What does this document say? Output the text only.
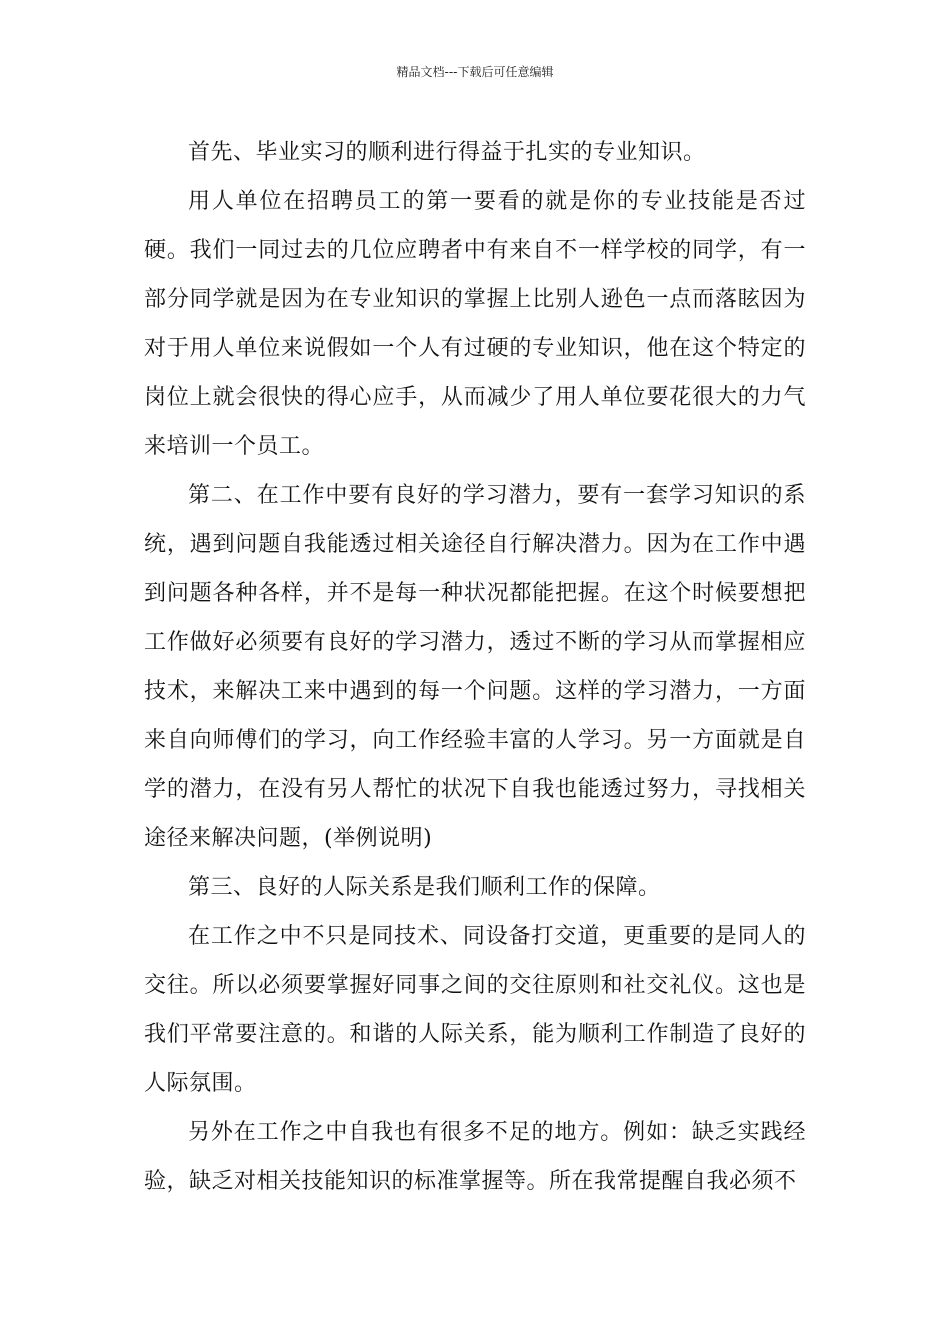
精品文档---下载后可任意编辑

首先、毕业实习的顺利进行得益于扎实的专业知识。

用人单位在招聘员工的第一要看的就是你的专业技能是否过硬。我们一同过去的几位应聘者中有来自不一样学校的同学，有一部分同学就是因为在专业知识的掌握上比别人逊色一点而落眩因为对于用人单位来说假如一个人有过硬的专业知识，他在这个特定的岗位上就会很快的得心应手，从而减少了用人单位要花很大的力气来培训一个员工。

第二、在工作中要有良好的学习潜力，要有一套学习知识的系统，遇到问题自我能透过相关途径自行解决潜力。因为在工作中遇到问题各种各样，并不是每一种状况都能把握。在这个时候要想把工作做好必须要有良好的学习潜力，透过不断的学习从而掌握相应技术，来解决工来中遇到的每一个问题。这样的学习潜力，一方面来自向师傅们的学习，向工作经验丰富的人学习。另一方面就是自学的潜力，在没有另人帮忙的状况下自我也能透过努力，寻找相关途径来解决问题，(举例说明)

第三、良好的人际关系是我们顺利工作的保障。

在工作之中不只是同技术、同设备打交道，更重要的是同人的交往。所以必须要掌握好同事之间的交往原则和社交礼仪。这也是我们平常要注意的。和谐的人际关系，能为顺利工作制造了良好的人际氛围。

另外在工作之中自我也有很多不足的地方。例如：缺乏实践经验，缺乏对相关技能知识的标准掌握等。所在我常提醒自我必须不
